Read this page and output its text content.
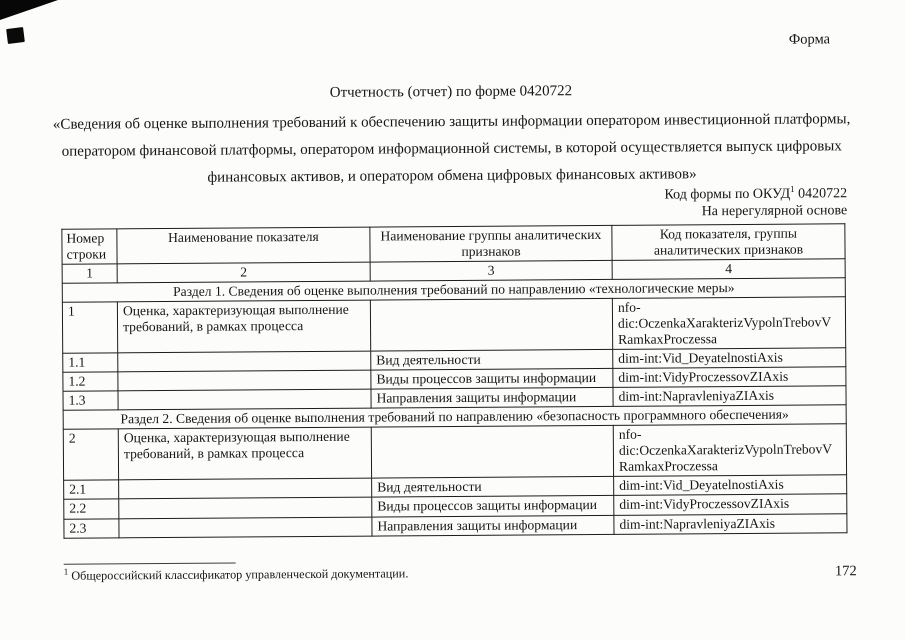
Форма
Отчетность (отчет) по форме 0420722
«Сведения об оценке выполнения требований к обеспечению защиты информации оператором инвестиционной платформы, оператором финансовой платформы, оператором информационной системы, в которой осуществляется выпуск цифровых финансовых активов, и оператором обмена цифровых финансовых активов»
Код формы по ОКУД$^1$ 0420722
На нерегулярной основе
Номер строки	Наименование показателя	Наименование группы аналитических признаков	Код показателя, группы аналитических признаков
1	2	3	4
Раздел 1. Сведения об оценке выполнения требований по направлению «технологические меры»			
1	Оценка, характеризующая выполнение требований, в рамках процесса		nfo-dic:OczenkaXarakterizVypolnTrebovVRamkaxProczessa
1.1		Вид деятельности	dim-int:Vid_DeyatelnostiAxis
1.2		Виды процессов защиты информации	dim-int:VidyProczessovZIAxis
1.3		Направления защиты информации	dim-int:NapravleniyaZIAxis
Раздел 2. Сведения об оценке выполнения требований по направлению «безопасность программного обеспечения»			
2	Оценка, характеризующая выполнение требований, в рамках процесса		nfo-dic:OczenkaXarakterizVypolnTrebovVRamkaxProczessa
2.1		Вид деятельности	dim-int:Vid_DeyatelnostiAxis
2.2		Виды процессов защиты информации	dim-int:VidyProczessovZIAxis
2.3		Направления защиты информации	dim-int:NapravleniyaZIAxis
$^1$ Общероссийский классификатор управленческой документации.	172
